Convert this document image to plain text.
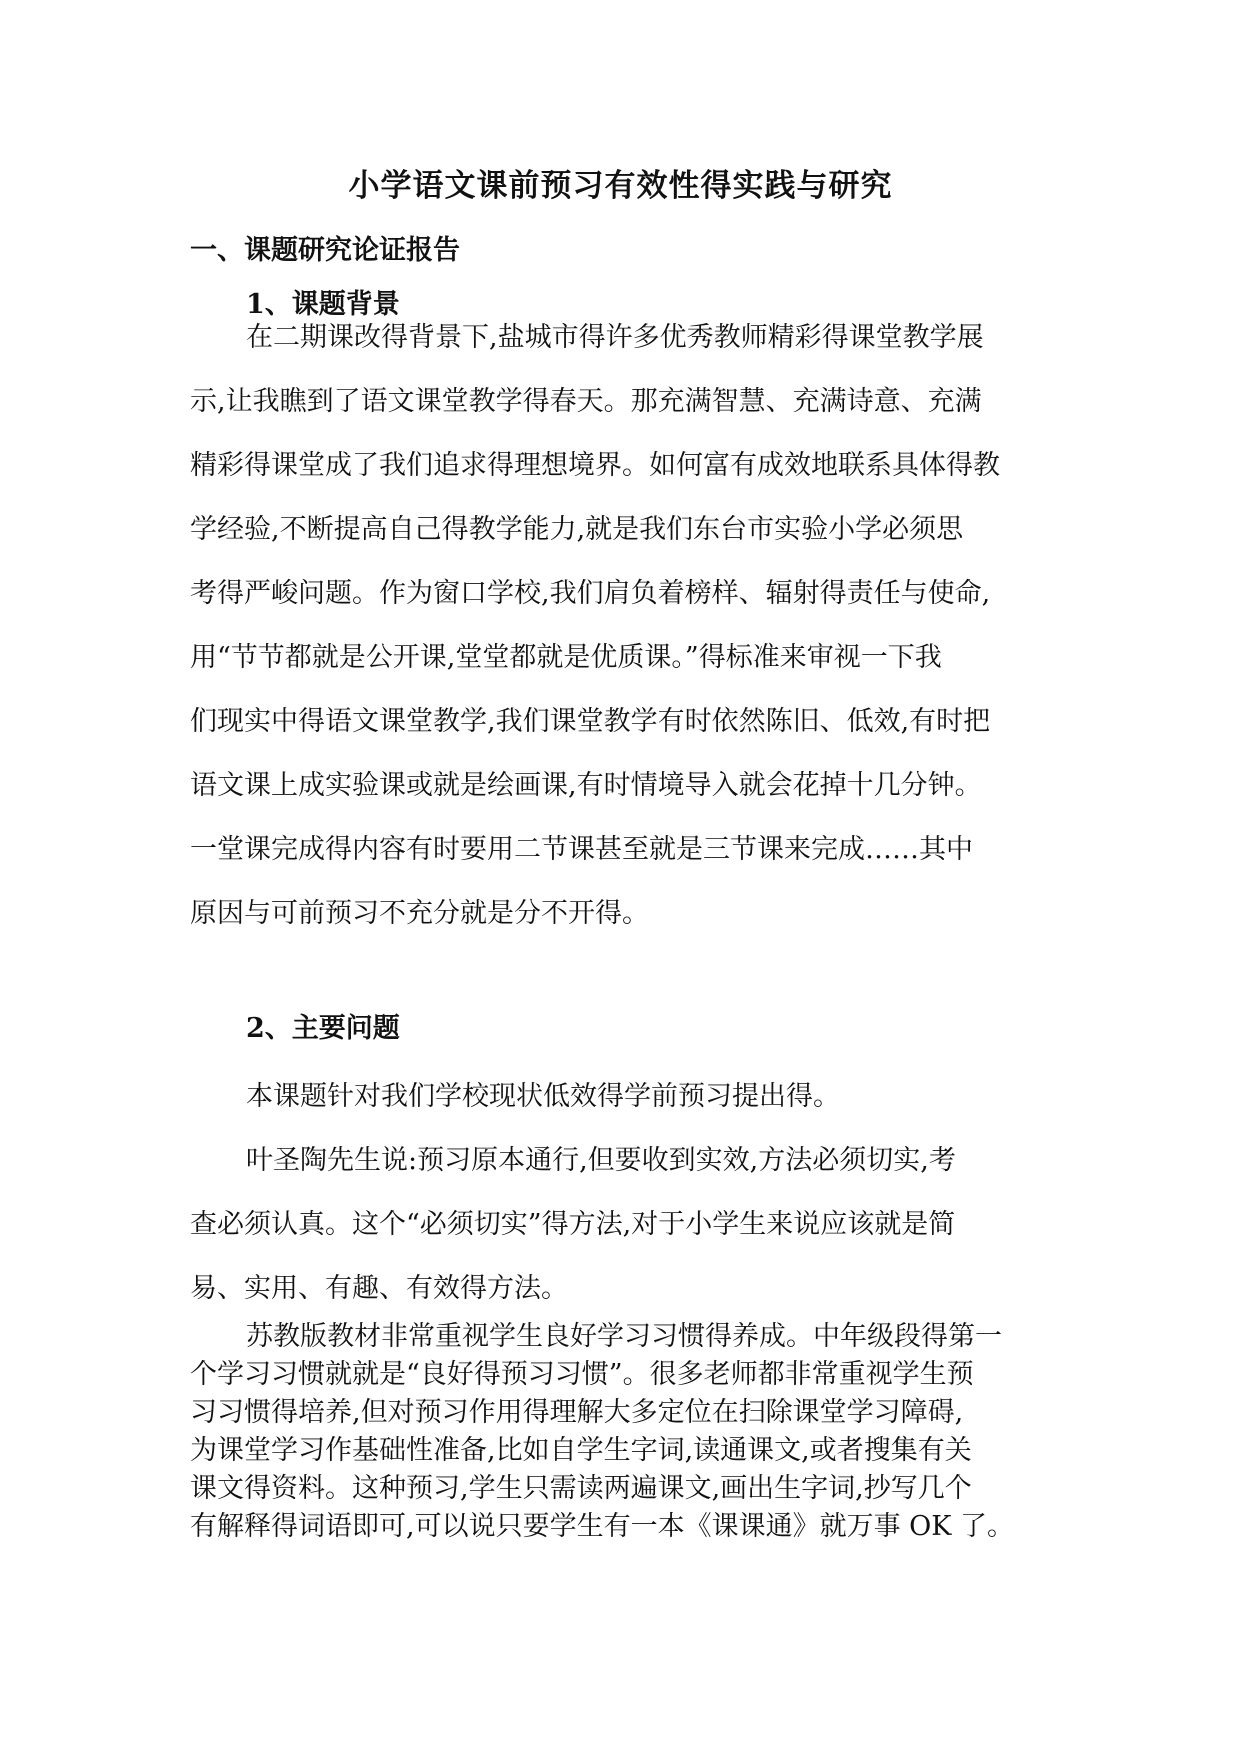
小学语文课前预习有效性得实践与研究
一、课题研究论证报告
1、课题背景
在二期课改得背景下,盐城市得许多优秀教师精彩得课堂教学展
示,让我瞧到了语文课堂教学得春天。那充满智慧、充满诗意、充满
精彩得课堂成了我们追求得理想境界。如何富有成效地联系具体得教
学经验,不断提高自己得教学能力,就是我们东台市实验小学必须思
考得严峻问题。作为窗口学校,我们肩负着榜样、辐射得责任与使命,
用“节节都就是公开课,堂堂都就是优质课。”得标准来审视一下我
们现实中得语文课堂教学,我们课堂教学有时依然陈旧、低效,有时把
语文课上成实验课或就是绘画课,有时情境导入就会花掉十几分钟。
一堂课完成得内容有时要用二节课甚至就是三节课来完成……其中
原因与可前预习不充分就是分不开得。
2、主要问题
本课题针对我们学校现状低效得学前预习提出得。
叶圣陶先生说:预习原本通行,但要收到实效,方法必须切实,考
查必须认真。这个“必须切实”得方法,对于小学生来说应该就是简
易、实用、有趣、有效得方法。
苏教版教材非常重视学生良好学习习惯得养成。中年级段得第一
个学习习惯就就是“良好得预习习惯”。很多老师都非常重视学生预
习习惯得培养,但对预习作用得理解大多定位在扫除课堂学习障碍,
为课堂学习作基础性准备,比如自学生字词,读通课文,或者搜集有关
课文得资料。这种预习,学生只需读两遍课文,画出生字词,抄写几个
有解释得词语即可,可以说只要学生有一本《课课通》就万事 OK 了。
